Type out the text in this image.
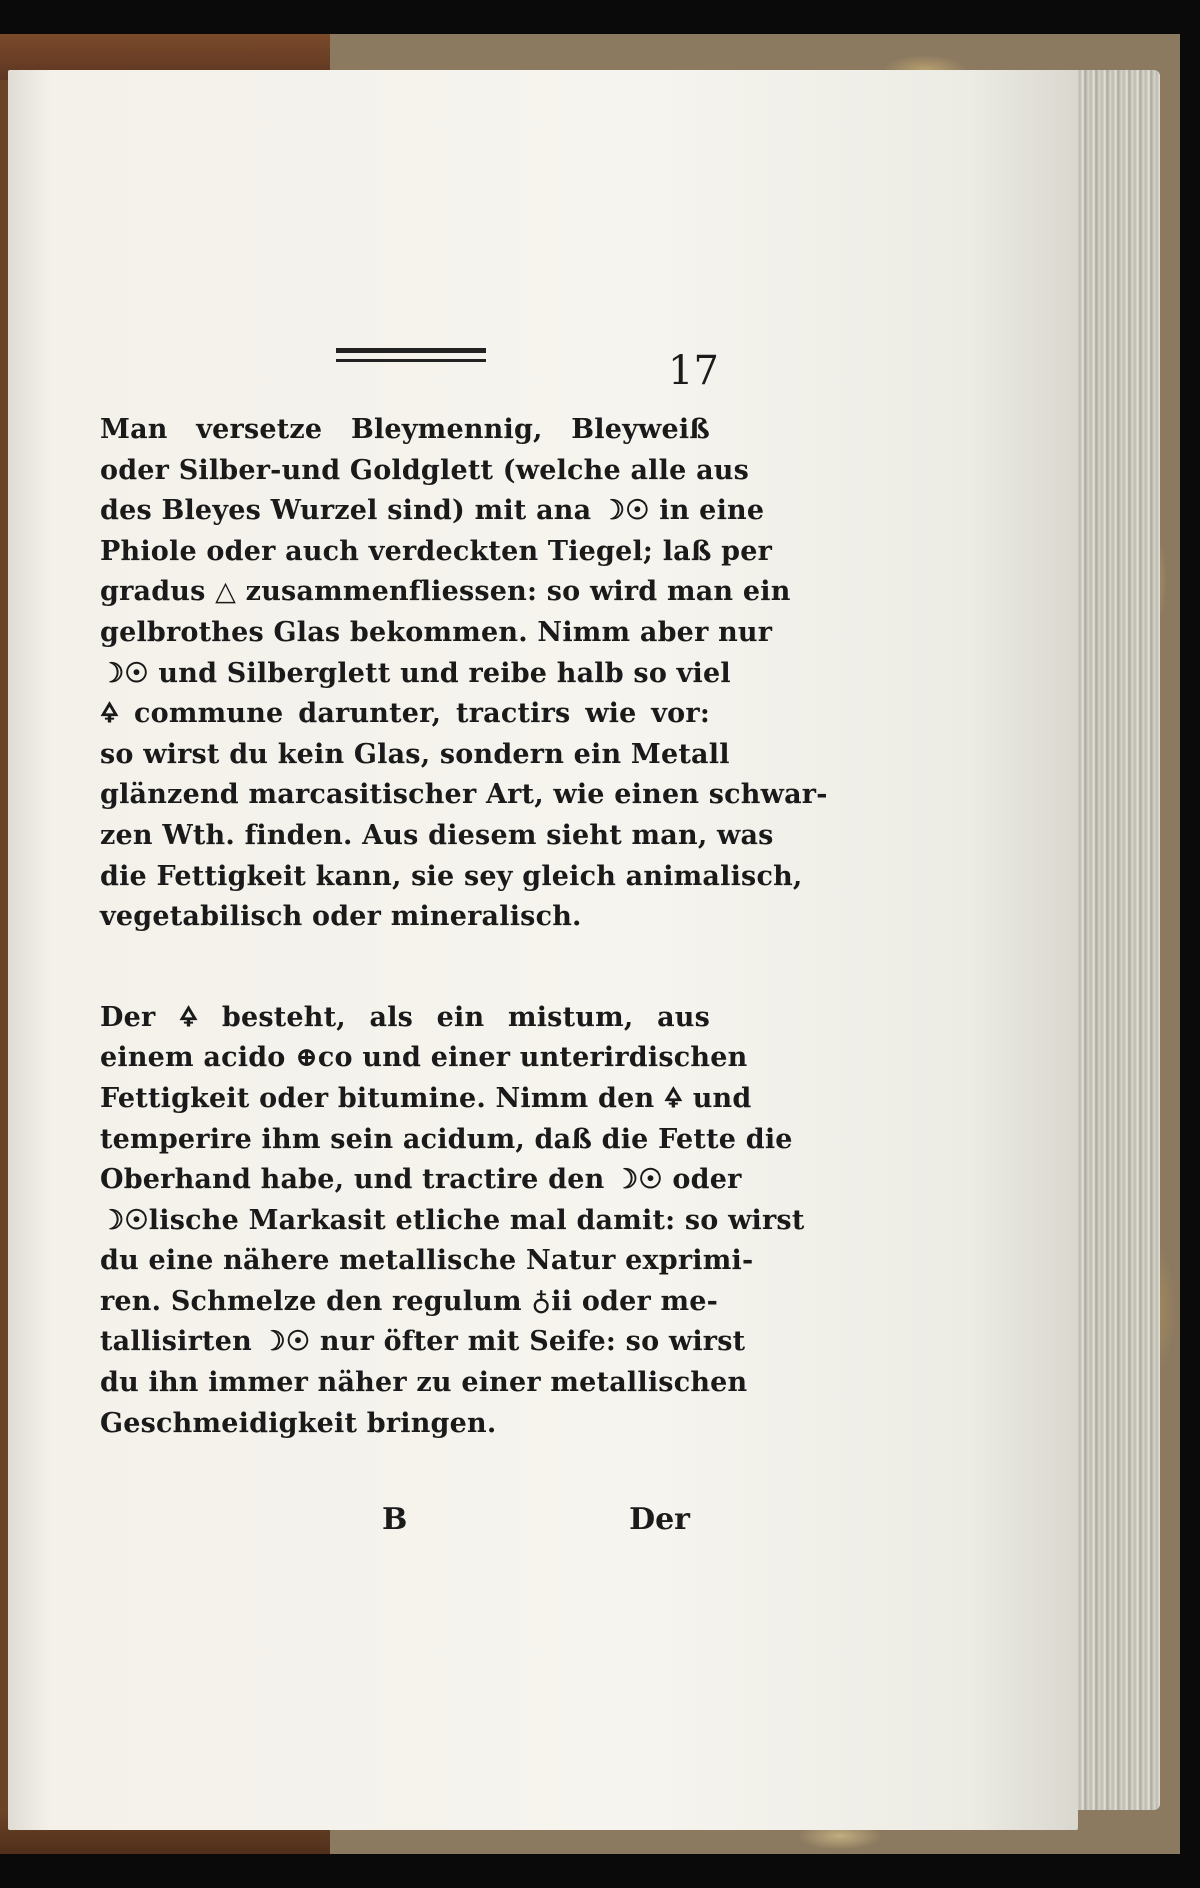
17
Man versetze Bleymennig, Bleyweiß
oder Silber-und Goldglett (welche alle aus
des Bleyes Wurzel sind) mit ana ☽☉ in eine
Phiole oder auch verdeckten Tiegel; laß per
gradus △ zusammenfliessen: so wird man ein
gelbrothes Glas bekommen. Nimm aber nur
☽☉ und Silberglett und reibe halb so viel
🜍 commune darunter, tractirs wie vor:
so wirst du kein Glas, sondern ein Metall
glänzend marcasitischer Art, wie einen schwar-
zen Wth. finden. Aus diesem sieht man, was
die Fettigkeit kann, sie sey gleich animalisch,
vegetabilisch oder mineralisch.
Der 🜍 besteht, als ein mistum, aus
einem acido ⊕co und einer unterirdischen
Fettigkeit oder bitumine. Nimm den 🜍 und
temperire ihm sein acidum, daß die Fette die
Oberhand habe, und tractire den ☽☉ oder
☽☉lische Markasit etliche mal damit: so wirst
du eine nähere metallische Natur exprimi-
ren. Schmelze den regulum ♁ii oder me-
tallisirten ☽☉ nur öfter mit Seife: so wirst
du ihn immer näher zu einer metallischen
Geschmeidigkeit bringen.
B	Der
